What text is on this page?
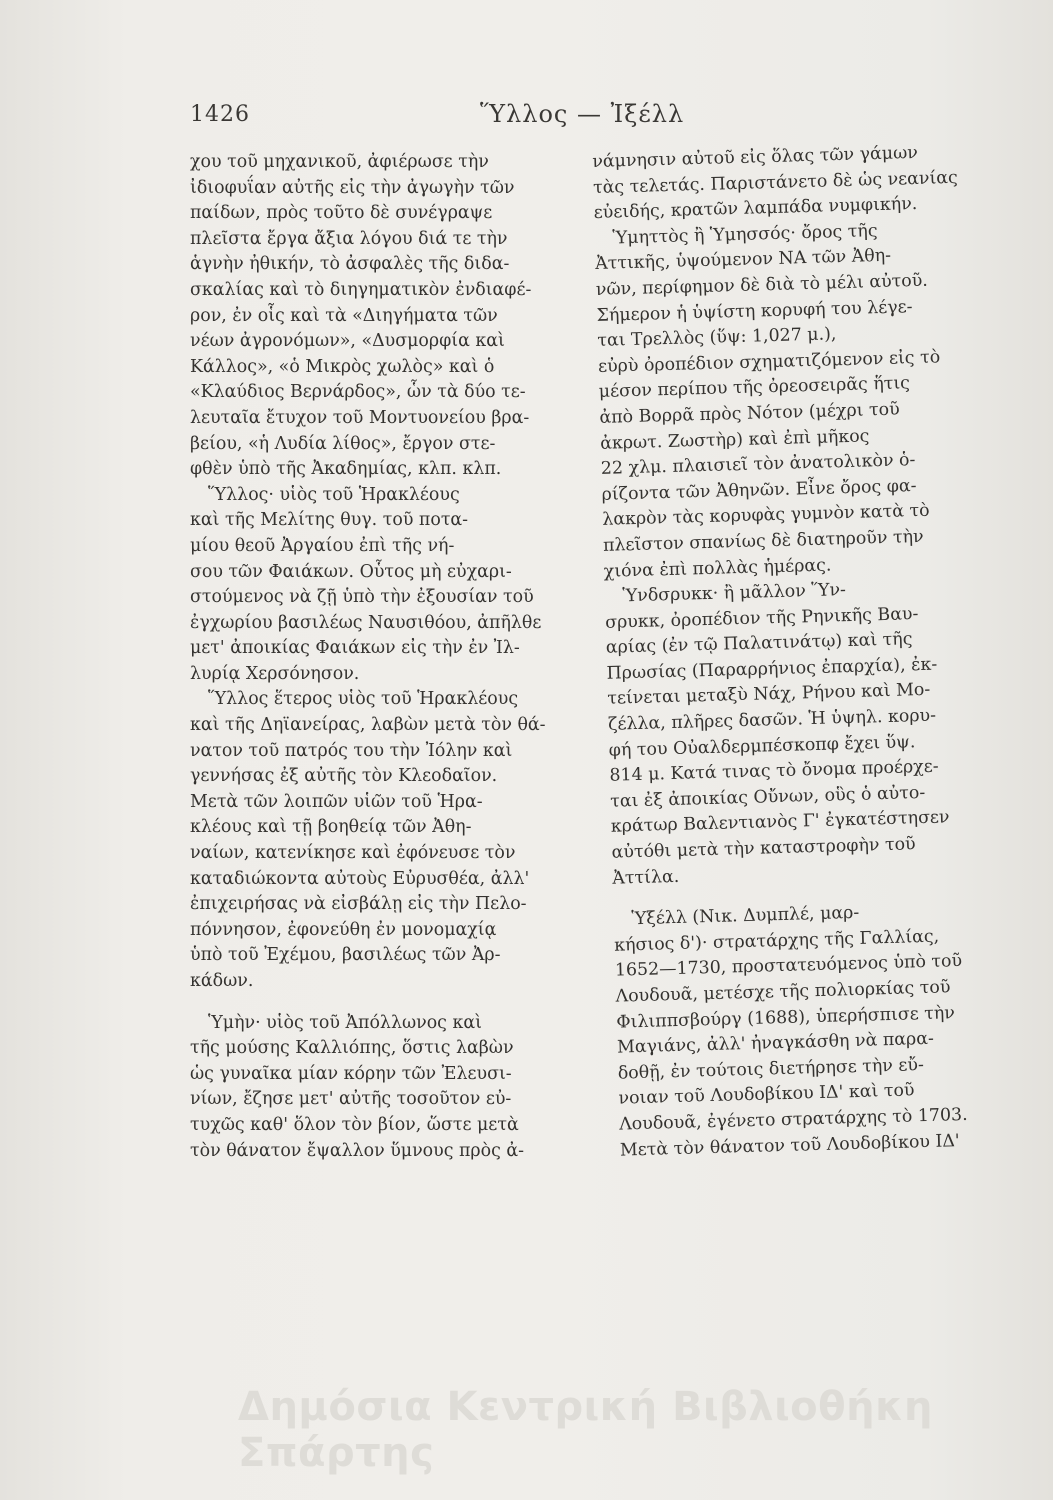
1426	Ὕλλος — Ἰξέλλ
χου τοῦ μηχανικοῦ, ἀφιέρωσε τὴν
ἰδιοφυΐαν αὐτῆς εἰς τὴν ἀγωγὴν τῶν
παίδων, πρὸς τοῦτο δὲ συνέγραψε
πλεῖστα ἔργα ἄξια λόγου διά τε τὴν
ἁγνὴν ἠθικήν, τὸ ἀσφαλὲς τῆς διδα-
σκαλίας καὶ τὸ διηγηματικὸν ἐνδιαφέ-
ρον, ἐν οἷς καὶ τὰ «Διηγήματα τῶν
νέων ἀγρονόμων», «Δυσμορφία καὶ
Κάλλος», «ὁ Μικρὸς χωλὸς» καὶ ὁ
«Κλαύδιος Βερνάρδος», ὧν τὰ δύο τε-
λευταῖα ἔτυχον τοῦ Μοντυονείου βρα-
βείου, «ἡ Λυδία λίθος», ἔργον στε-
φθὲν ὑπὸ τῆς Ἀκαδημίας, κλπ. κλπ.
Ὕλλος· υἱὸς τοῦ Ἡρακλέους
καὶ τῆς Μελίτης θυγ. τοῦ ποτα-
μίου θεοῦ Ἀργαίου ἐπὶ τῆς νή-
σου τῶν Φαιάκων. Οὗτος μὴ εὐχαρι-
στούμενος νὰ ζῇ ὑπὸ τὴν ἐξουσίαν τοῦ
ἐγχωρίου βασιλέως Ναυσιθόου, ἀπῆλθε
μετ' ἀποικίας Φαιάκων εἰς τὴν ἐν Ἰλ-
λυρίᾳ Χερσόνησον.
Ὕλλος ἕτερος υἱὸς τοῦ Ἡρακλέους
καὶ τῆς Δηϊανείρας, λαβὼν μετὰ τὸν θά-
νατον τοῦ πατρός του τὴν Ἰόλην καὶ
γεννήσας ἐξ αὐτῆς τὸν Κλεοδαῖον.
Μετὰ τῶν λοιπῶν υἱῶν τοῦ Ἡρα-
κλέους καὶ τῇ βοηθείᾳ τῶν Ἀθη-
ναίων, κατενίκησε καὶ ἐφόνευσε τὸν
καταδιώκοντα αὐτοὺς Εὐρυσθέα, ἀλλ'
ἐπιχειρήσας νὰ εἰσβάλῃ εἰς τὴν Πελο-
πόννησον, ἐφονεύθη ἐν μονομαχίᾳ
ὑπὸ τοῦ Ἐχέμου, βασιλέως τῶν Ἀρ-
κάδων.
Ὑμὴν· υἱὸς τοῦ Ἀπόλλωνος καὶ
τῆς μούσης Καλλιόπης, ὅστις λαβὼν
ὡς γυναῖκα μίαν κόρην τῶν Ἐλευσι-
νίων, ἔζησε μετ' αὐτῆς τοσοῦτον εὐ-
τυχῶς καθ' ὅλον τὸν βίον, ὥστε μετὰ
τὸν θάνατον ἔψαλλον ὕμνους πρὸς ἀ-
νάμνησιν αὐτοῦ εἰς ὅλας τῶν γάμων
τὰς τελετάς. Παριστάνετο δὲ ὡς νεανίας
εὐειδής, κρατῶν λαμπάδα νυμφικήν.
Ὑμηττὸς ἢ Ὑμησσός· ὄρος τῆς
Ἀττικῆς, ὑψούμενον ΝΑ τῶν Ἀθη-
νῶν, περίφημον δὲ διὰ τὸ μέλι αὐτοῦ.
Σήμερον ἡ ὑψίστη κορυφή του λέγε-
ται Τρελλὸς (ὕψ: 1,027 μ.),
εὐρὺ ὀροπέδιον σχηματιζόμενον εἰς τὸ
μέσον περίπου τῆς ὀρεοσειρᾶς ἥτις
ἀπὸ Βορρᾶ πρὸς Νότον (μέχρι τοῦ
ἀκρωτ. Ζωστὴρ) καὶ ἐπὶ μῆκος
22 χλμ. πλαισιεῖ τὸν ἀνατολικὸν ὁ-
ρίζοντα τῶν Ἀθηνῶν. Εἶνε ὄρος φα-
λακρὸν τὰς κορυφὰς γυμνὸν κατὰ τὸ
πλεῖστον σπανίως δὲ διατηροῦν τὴν
χιόνα ἐπὶ πολλὰς ἡμέρας.
Ὑνδσρυκκ· ἢ μᾶλλον Ὕν-
σρυκκ, ὀροπέδιον τῆς Ρηνικῆς Βαυ-
αρίας (ἐν τῷ Παλατινάτῳ) καὶ τῆς
Πρωσίας (Παραρρήνιος ἐπαρχία), ἐκ-
τείνεται μεταξὺ Νάχ, Ρήνου καὶ Μο-
ζέλλα, πλῆρες δασῶν. Ἡ ὑψηλ. κορυ-
φή του Οὐαλδερμπέσκοπφ ἔχει ὕψ.
814 μ. Κατά τινας τὸ ὄνομα προέρχε-
ται ἐξ ἀποικίας Οὔνων, οὓς ὁ αὐτο-
κράτωρ Βαλεντιανὸς Γ' ἐγκατέστησεν
αὐτόθι μετὰ τὴν καταστροφὴν τοῦ
Ἀττίλα.
Ὑξέλλ (Νικ. Δυμπλέ, μαρ-
κήσιος δ')· στρατάρχης τῆς Γαλλίας,
1652—1730, προστατευόμενος ὑπὸ τοῦ
Λουδουᾶ, μετέσχε τῆς πολιορκίας τοῦ
Φιλιππσβούργ (1688), ὑπερήσπισε τὴν
Μαγιάνς, ἀλλ' ἠναγκάσθη νὰ παρα-
δοθῇ, ἐν τούτοις διετήρησε τὴν εὔ-
νοιαν τοῦ Λουδοβίκου ΙΔ' καὶ τοῦ
Λουδουᾶ, ἐγένετο στρατάρχης τὸ 1703.
Μετὰ τὸν θάνατον τοῦ Λουδοβίκου ΙΔ'
Δημόσια Κεντρική Βιβλιοθήκη Σπάρτης
